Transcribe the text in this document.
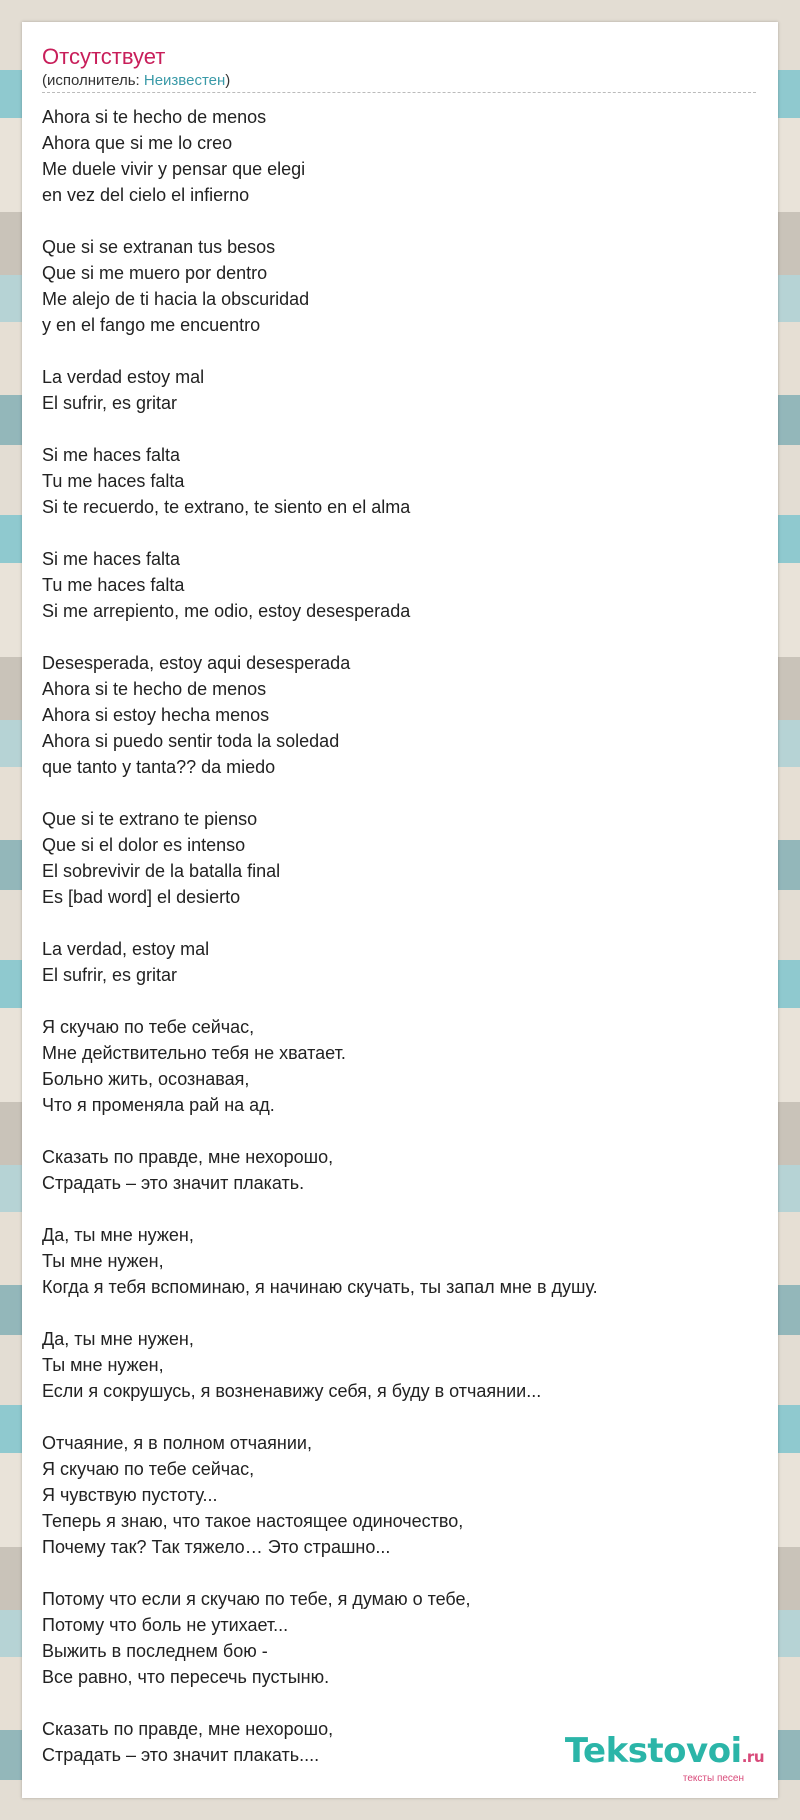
Отсутствует
(исполнитель: Неизвестен)
Ahora si te hecho de menos
Ahora que si me lo creo
Me duele vivir y pensar que elegi
en vez del cielo el infierno
Que si se extranan tus besos
Que si me muero por dentro
Me alejo de ti hacia la obscuridad
y en el fango me encuentro
La verdad estoy mal
El sufrir, es gritar
Si me haces falta
Tu me haces falta
Si te recuerdo, te extrano, te siento en el alma
Si me haces falta
Tu me haces falta
Si me arrepiento, me odio, estoy desesperada
Desesperada, estoy aqui desesperada
Ahora si te hecho de menos
Ahora si estoy hecha menos
Ahora si puedo sentir toda la soledad
que tanto y tanta?? da miedo
Que si te extrano te pienso
Que si el dolor es intenso
El sobrevivir de la batalla final
Es [bad word] el desierto
La verdad, estoy mal
El sufrir, es gritar
Я скучаю по тебе сейчас,
Мне действительно тебя не хватает.
Больно жить, осознавая,
Что я променяла рай на ад.
Сказать по правде, мне нехорошо,
Страдать – это значит плакать.
Да, ты мне нужен,
Ты мне нужен,
Когда я тебя вспоминаю, я начинаю скучать, ты запал мне в душу.
Да, ты мне нужен,
Ты мне нужен,
Если я сокрушусь, я возненавижу себя, я буду в отчаянии...
Отчаяние, я в полном отчаянии,
Я скучаю по тебе сейчас,
Я чувствую пустоту...
Теперь я знаю, что такое настоящее одиночество,
Почему так? Так тяжело… Это страшно...
Потому что если я скучаю по тебе, я думаю о тебе,
Потому что боль не утихает...
Выжить в последнем бою -
Все равно, что пересечь пустыню.
Сказать по правде, мне нехорошо,
Страдать – это значит плакать....	Tekstovoi.ru
тексты песен
